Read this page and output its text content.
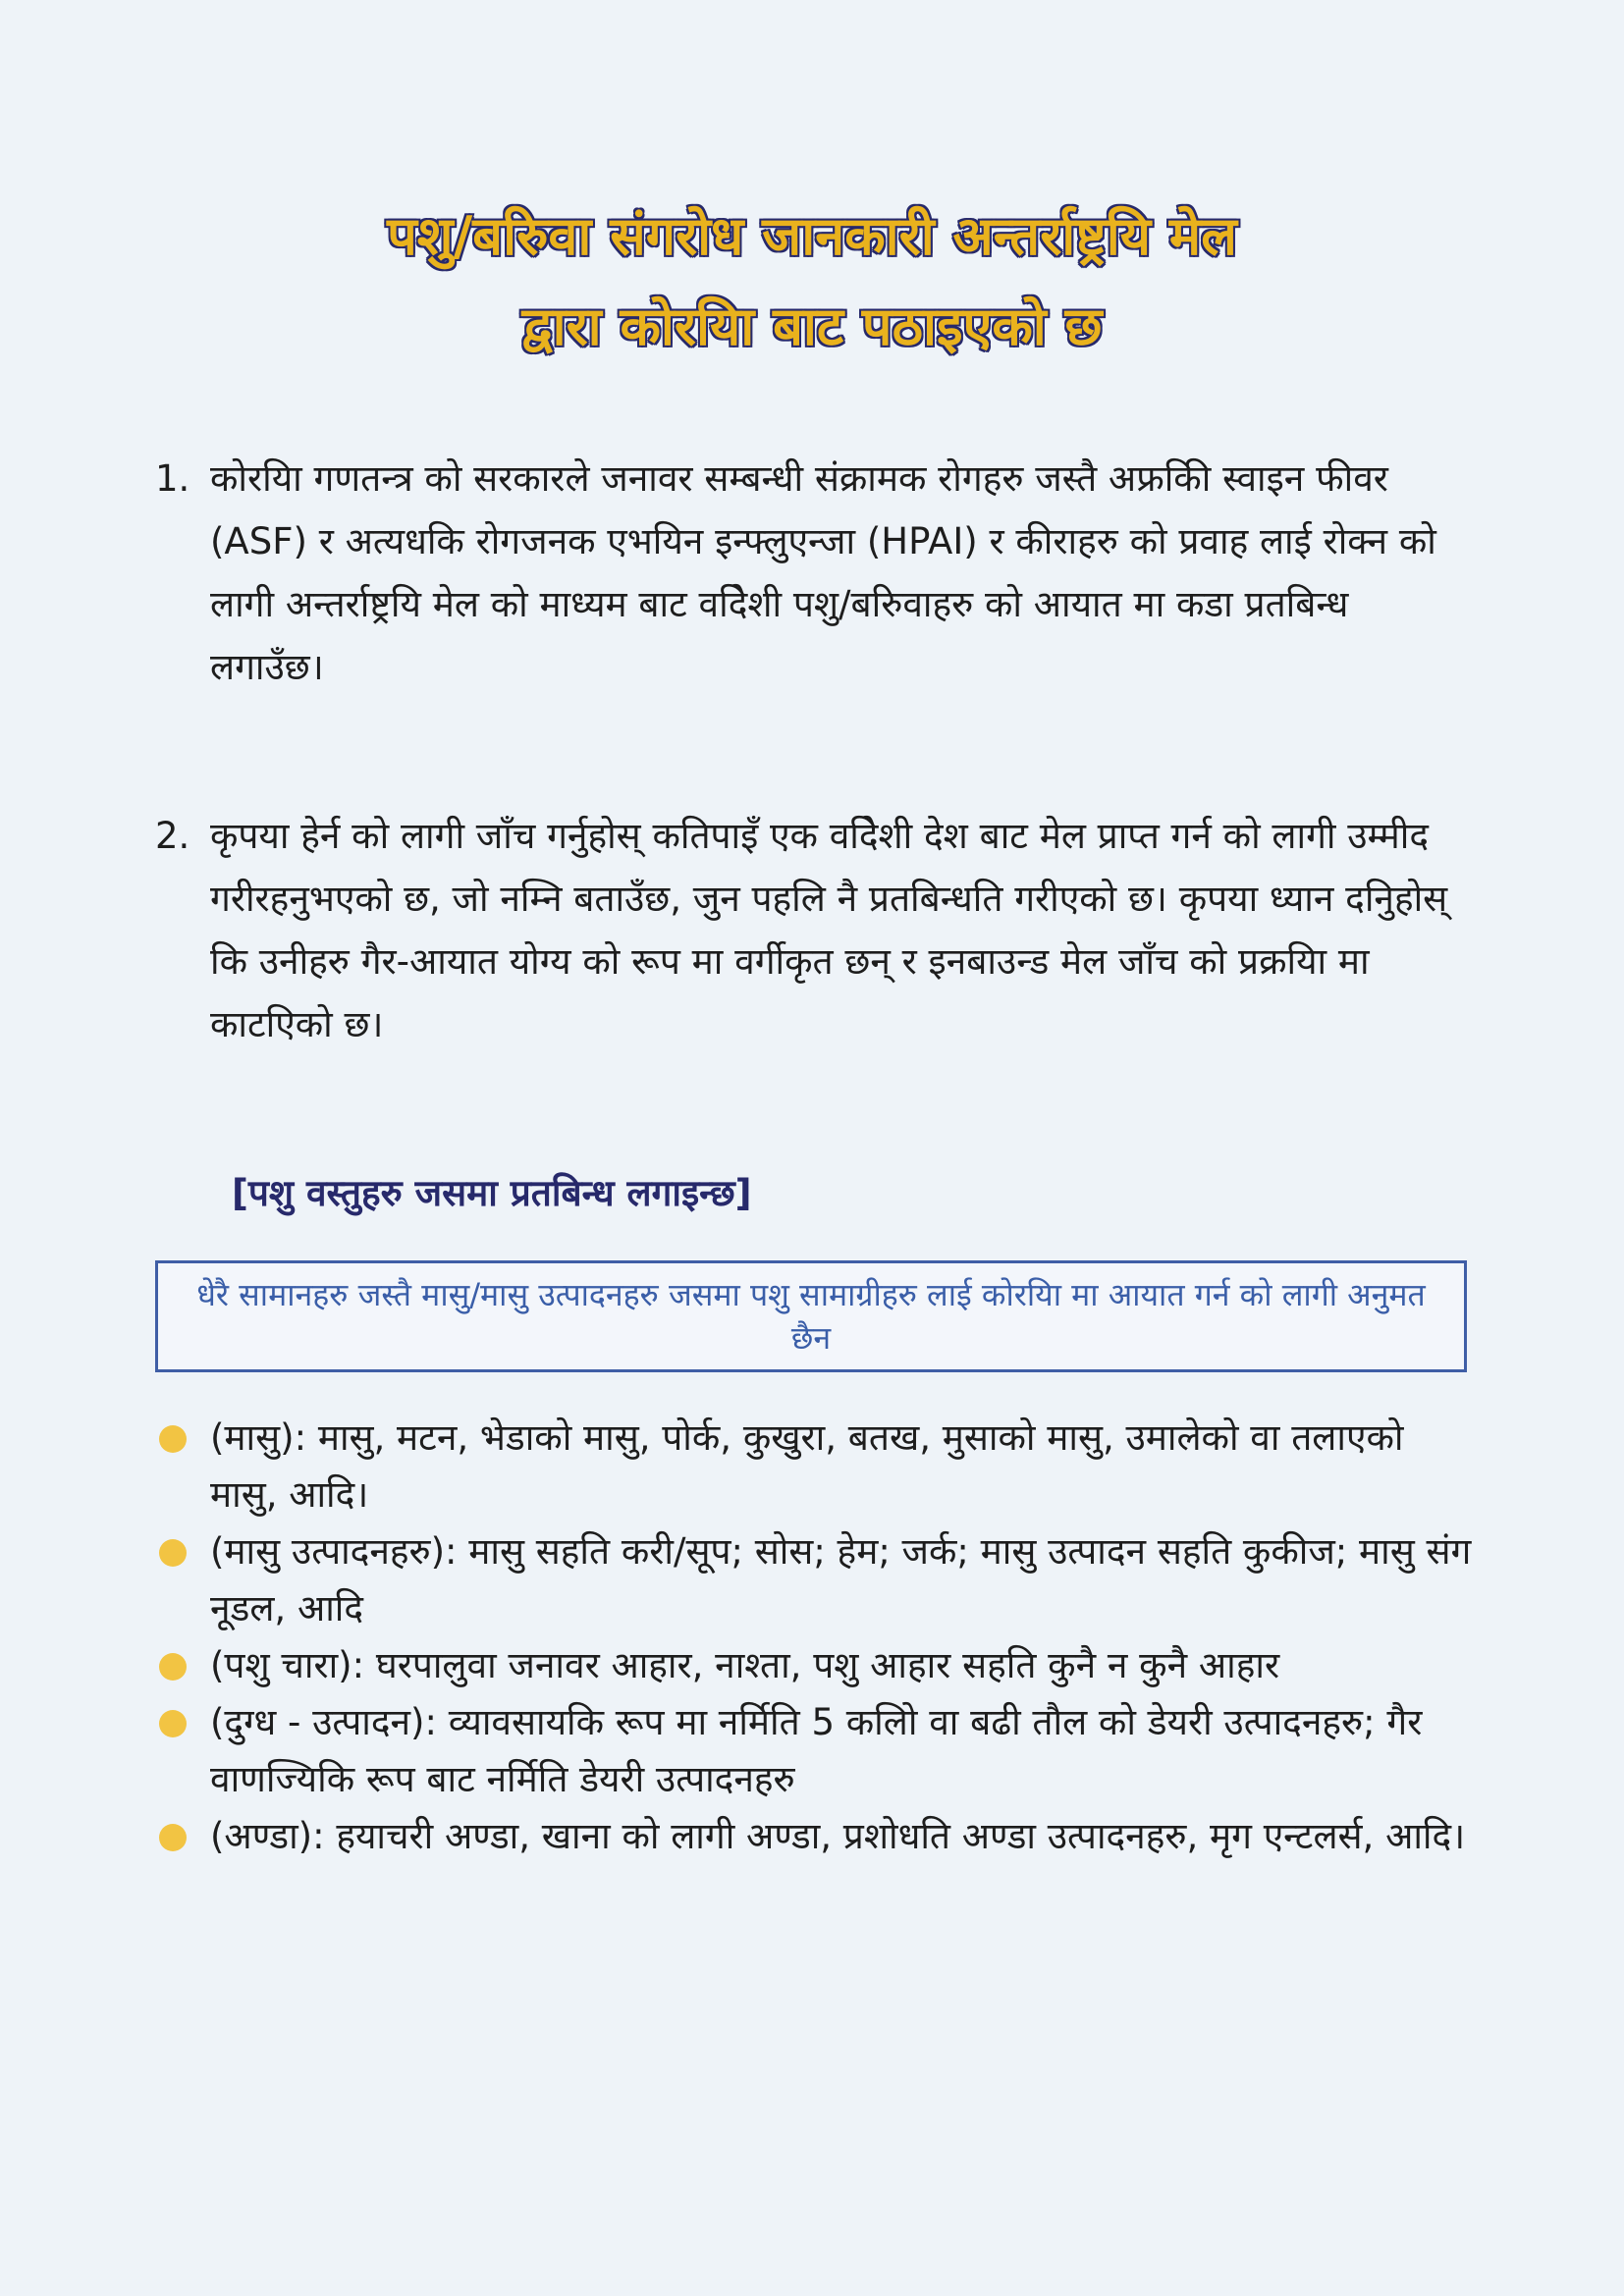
पशु/बरिुवा संगरोध जानकारी अन्तर्राष्ट्रयि मेल
द्वारा कोरयिा बाट पठाइएको छ

1. कोरयिा गणतन्त्र को सरकारले जनावर सम्बन्धी संक्रामक रोगहरु जस्तै अफ्रकिी स्वाइन फीवर (ASF) र अत्यधकि रोगजनक एभयिन इन्फ्लुएन्जा (HPAI) र कीराहरु को प्रवाह लाई रोक्न को लागी अन्तर्राष्ट्रयि मेल को माध्यम बाट वदिेशी पशु/बरिुवाहरु को आयात मा कडा प्रतबिन्ध लगाउँछ।

2. कृपया हेर्न को लागी जाँच गर्नुहोस् कतिपाइँ एक वदिेशी देश बाट मेल प्राप्त गर्न को लागी उम्मीद गरीरहनुभएको छ, जो नम्नि बताउँछ, जुन पहलि नै प्रतबिन्धति गरीएको छ। कृपया ध्यान दनिुहोस् कि उनीहरु गैर-आयात योग्य को रूप मा वर्गीकृत छन् र इनबाउन्ड मेल जाँच को प्रक्रयिा मा काटएिको छ।

[पशु वस्तुहरु जसमा प्रतबिन्ध लगाइन्छ]
धेरै सामानहरु जस्तै मासु/मासु उत्पादनहरु जसमा पशु सामाग्रीहरु लाई कोरयिा मा आयात गर्न को लागी अनुमत छैन
(मासु): मासु, मटन, भेडाको मासु, पोर्क, कुखुरा, बतख, मुसाको मासु, उमालेको वा तलाएको मासु, आदि।
(मासु उत्पादनहरु): मासु सहति करी/सूप; सोस; हेम; जर्क; मासु उत्पादन सहति कुकीज; मासु संग नूडल, आदि
(पशु चारा): घरपालुवा जनावर आहार, नाश्ता, पशु आहार सहति कुनै न कुनै आहार
(दुग्ध - उत्पादन): व्यावसायकि रूप मा नर्मिति 5 कलिो वा बढी तौल को डेयरी उत्पादनहरु; गैर वाणज्यिकि रूप बाट नर्मिति डेयरी उत्पादनहरु
(अण्डा): हयाचरी अण्डा, खाना को लागी अण्डा, प्रशोधति अण्डा उत्पादनहरु, मृग एन्टलर्स, आदि।
